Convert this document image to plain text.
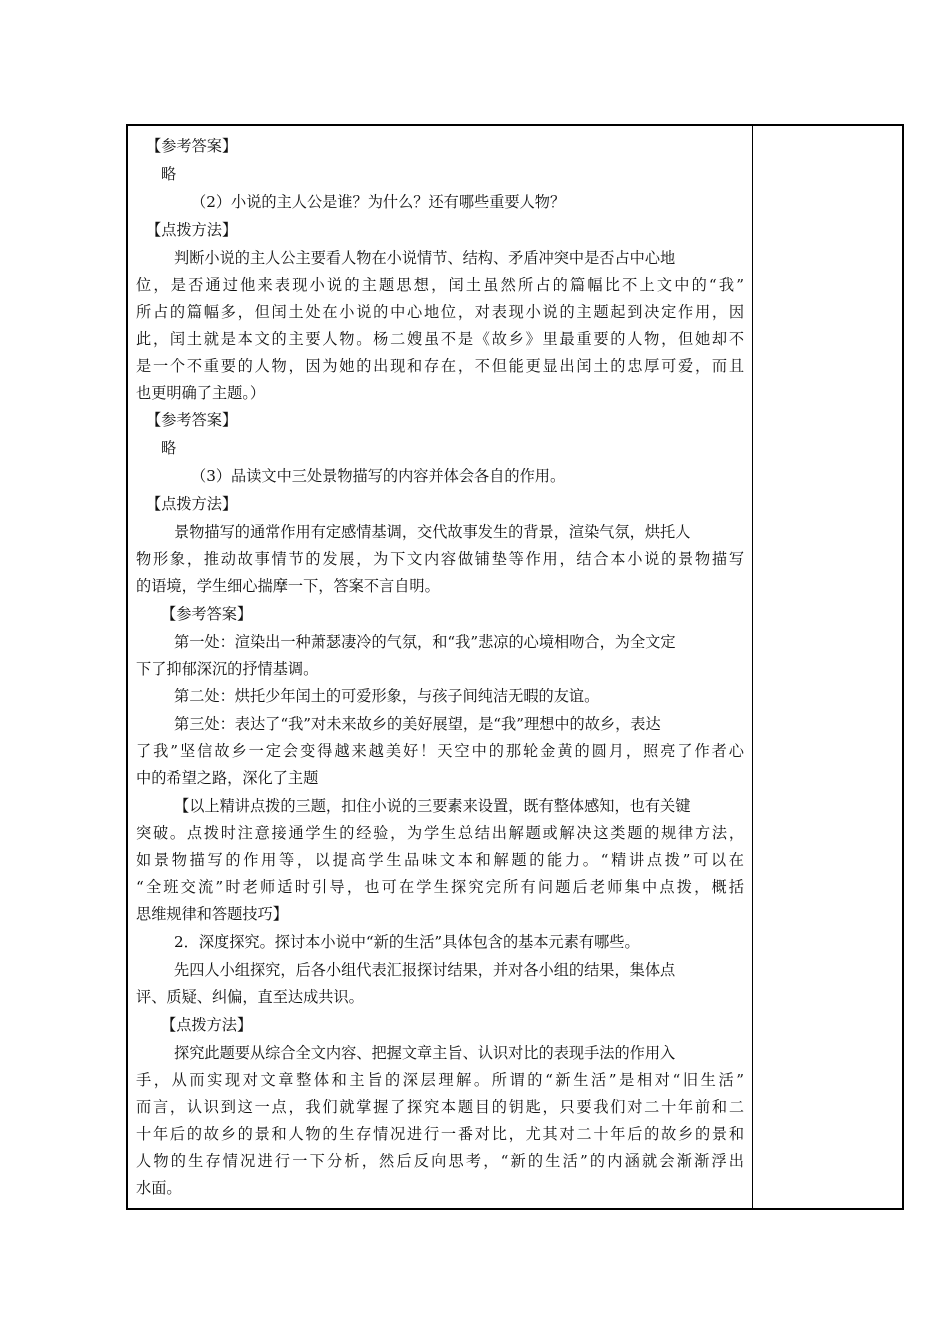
【参考答案】
略
（2）小说的主人公是谁？为什么？还有哪些重要人物？
【点拨方法】
判断小说的主人公主要看人物在小说情节、结构、矛盾冲突中是否占中心地
位，是否通过他来表现小说的主题思想，闰土虽然所占的篇幅比不上文中的“我”
所占的篇幅多，但闰土处在小说的中心地位，对表现小说的主题起到决定作用，因
此，闰土就是本文的主要人物。杨二嫂虽不是《故乡》里最重要的人物，但她却不
是一个不重要的人物，因为她的出现和存在，不但能更显出闰土的忠厚可爱，而且
也更明确了主题。）
【参考答案】
略
（3）品读文中三处景物描写的内容并体会各自的作用。
【点拨方法】
景物描写的通常作用有定感情基调，交代故事发生的背景，渲染气氛，烘托人
物形象，推动故事情节的发展，为下文内容做铺垫等作用，结合本小说的景物描写
的语境，学生细心揣摩一下，答案不言自明。
【参考答案】
第一处：渲染出一种萧瑟凄冷的气氛，和“我”悲凉的心境相吻合，为全文定
下了抑郁深沉的抒情基调。
第二处：烘托少年闰土的可爱形象，与孩子间纯洁无暇的友谊。
第三处：表达了“我”对未来故乡的美好展望，是“我”理想中的故乡，表达
了我”坚信故乡一定会变得越来越美好！天空中的那轮金黄的圆月，照亮了作者心
中的希望之路，深化了主题
【以上精讲点拨的三题，扣住小说的三要素来设置，既有整体感知，也有关键
突破。点拨时注意接通学生的经验，为学生总结出解题或解决这类题的规律方法，
如景物描写的作用等，以提高学生品味文本和解题的能力。“精讲点拨”可以在
“全班交流”时老师适时引导，也可在学生探究完所有问题后老师集中点拨，概括
思维规律和答题技巧】
2．深度探究。探讨本小说中“新的生活”具体包含的基本元素有哪些。
先四人小组探究，后各小组代表汇报探讨结果，并对各小组的结果，集体点
评、质疑、纠偏，直至达成共识。
【点拨方法】
探究此题要从综合全文内容、把握文章主旨、认识对比的表现手法的作用入
手，从而实现对文章整体和主旨的深层理解。所谓的“新生活”是相对“旧生活”
而言，认识到这一点，我们就掌握了探究本题目的钥匙，只要我们对二十年前和二
十年后的故乡的景和人物的生存情况进行一番对比，尤其对二十年后的故乡的景和
人物的生存情况进行一下分析，然后反向思考，“新的生活”的内涵就会渐渐浮出
水面。
